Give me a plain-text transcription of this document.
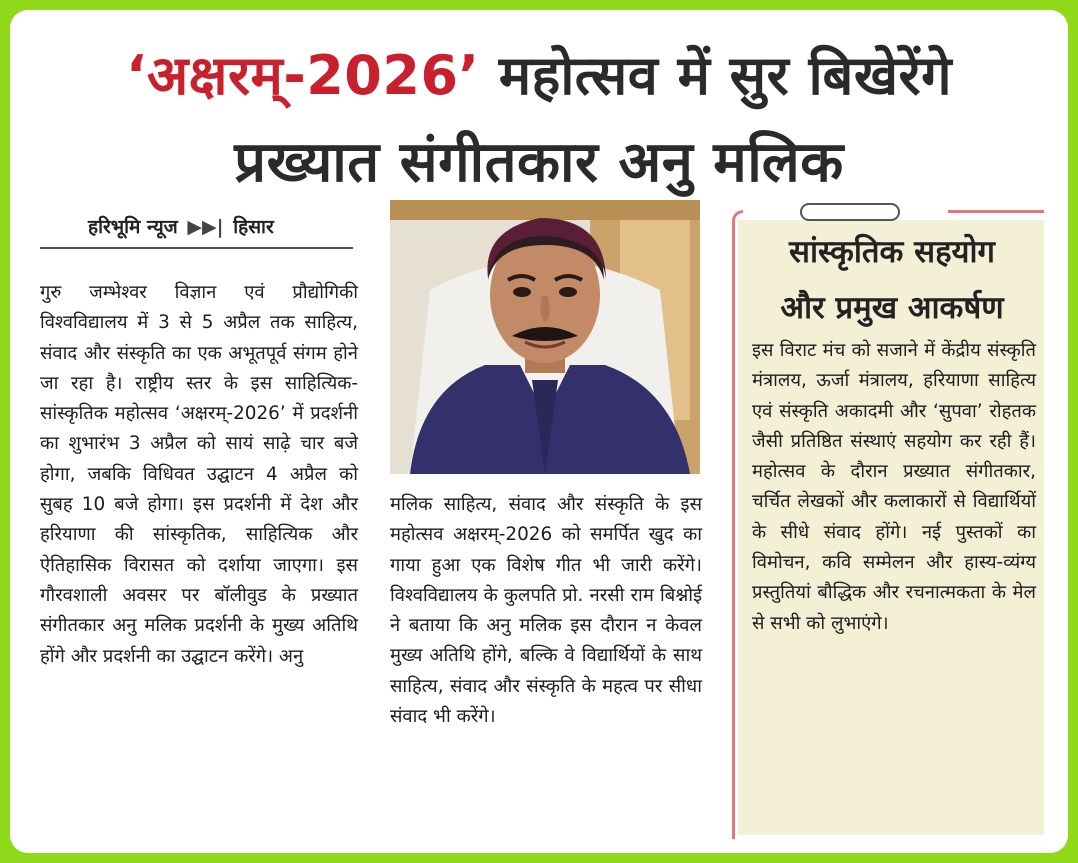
‘अक्षरम्-2026’ महोत्सव में सुर बिखेरेंगे
प्रख्यात संगीतकार अनु मलिक
हरिभूमि न्यूज ▶▶| हिसार
गुरु जम्भेश्वर विज्ञान एवं प्रौद्योगिकी विश्वविद्यालय में 3 से 5 अप्रैल तक साहित्य, संवाद और संस्कृति का एक अभूतपूर्व संगम होने जा रहा है। राष्ट्रीय स्तर के इस साहित्यिक-सांस्कृतिक महोत्सव ‘अक्षरम्-2026’ में प्रदर्शनी का शुभारंभ 3 अप्रैल को सायं साढ़े चार बजे होगा, जबकि विधिवत उद्घाटन 4 अप्रैल को सुबह 10 बजे होगा। इस प्रदर्शनी में देश और हरियाणा की सांस्कृतिक, साहित्यिक और ऐतिहासिक विरासत को दर्शाया जाएगा। इस गौरवशाली अवसर पर बॉलीवुड के प्रख्यात संगीतकार अनु मलिक प्रदर्शनी के मुख्य अतिथि होंगे और प्रदर्शनी का उद्घाटन करेंगे। अनु
मलिक साहित्य, संवाद और संस्कृति के इस महोत्सव अक्षरम्-2026 को समर्पित खुद का गाया हुआ एक विशेष गीत भी जारी करेंगे। विश्वविद्यालय के कुलपति प्रो. नरसी राम बिश्नोई ने बताया कि अनु मलिक इस दौरान न केवल मुख्य अतिथि होंगे, बल्कि वे विद्यार्थियों के साथ साहित्य, संवाद और संस्कृति के महत्व पर सीधा संवाद भी करेंगे।
सांस्कृतिक सहयोग
और प्रमुख आकर्षण
इस विराट मंच को सजाने में केंद्रीय संस्कृति मंत्रालय, ऊर्जा मंत्रालय, हरियाणा साहित्य एवं संस्कृति अकादमी और ‘सुपवा’ रोहतक जैसी प्रतिष्ठित संस्थाएं सहयोग कर रही हैं। महोत्सव के दौरान प्रख्यात संगीतकार, चर्चित लेखकों और कलाकारों से विद्यार्थियों के सीधे संवाद होंगे। नई पुस्तकों का विमोचन, कवि सम्मेलन और हास्य-व्यंग्य प्रस्तुतियां बौद्धिक और रचनात्मकता के मेल से सभी को लुभाएंगे।
